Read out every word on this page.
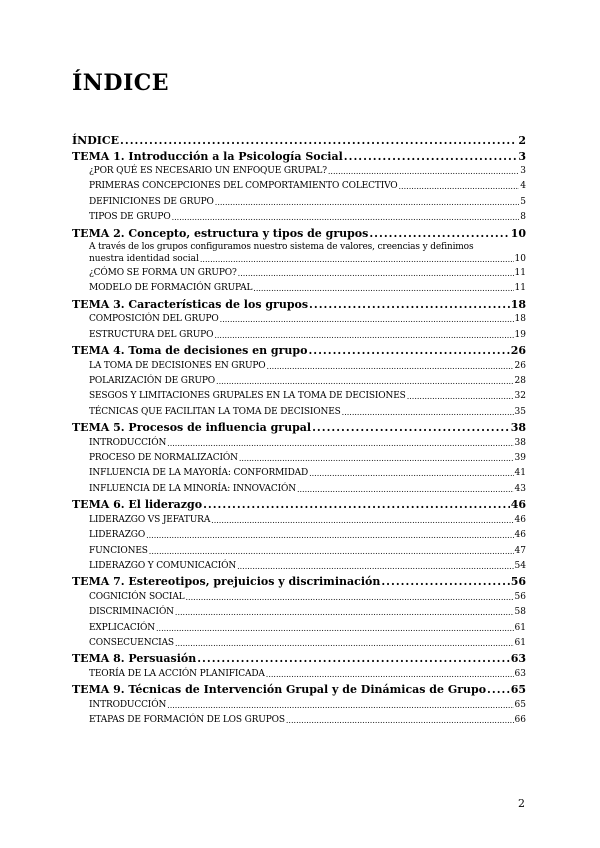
ÍNDICE
ÍNDICE .....	2
TEMA 1. Introducción a la Psicología Social .....	3
¿POR QUÉ ES NECESARIO UN ENFOQUE GRUPAL? .....	3
PRIMERAS CONCEPCIONES DEL COMPORTAMIENTO COLECTIVO .....	4
DEFINICIONES DE GRUPO .....	5
TIPOS DE GRUPO .....	8
TEMA 2. Concepto, estructura y tipos de grupos .....	10
A través de los grupos configuramos nuestro sistema de valores, creencias y definimos
nuestra identidad social .....	10
¿CÓMO SE FORMA UN GRUPO? .....	11
MODELO DE FORMACIÓN GRUPAL .....	11
TEMA 3. Características de los grupos .....	18
COMPOSICIÓN DEL GRUPO .....	18
ESTRUCTURA DEL GRUPO .....	19
TEMA 4. Toma de decisiones en grupo .....	26
LA TOMA DE DECISIONES EN GRUPO .....	26
POLARIZACIÓN DE GRUPO .....	28
SESGOS Y LIMITACIONES GRUPALES EN LA TOMA DE DECISIONES .....	32
TÉCNICAS QUE FACILITAN LA TOMA DE DECISIONES .....	35
TEMA 5. Procesos de influencia grupal .....	38
INTRODUCCIÓN .....	38
PROCESO DE NORMALIZACIÓN .....	39
INFLUENCIA DE LA MAYORÍA: CONFORMIDAD .....	41
INFLUENCIA DE LA MINORÍA: INNOVACIÓN .....	43
TEMA 6. El liderazgo .....	46
LIDERAZGO VS JEFATURA .....	46
LIDERAZGO .....	46
FUNCIONES .....	47
LIDERAZGO Y COMUNICACIÓN .....	54
TEMA 7. Estereotipos, prejuicios y discriminación .....	56
COGNICIÓN SOCIAL .....	56
DISCRIMINACIÓN .....	58
EXPLICACIÓN .....	61
CONSECUENCIAS .....	61
TEMA 8. Persuasión .....	63
TEORÍA DE LA ACCIÓN PLANIFICADA .....	63
TEMA 9. Técnicas de Intervención Grupal y de Dinámicas de Grupo ..... 65
INTRODUCCIÓN .....	65
ETAPAS DE FORMACIÓN DE LOS GRUPOS .....	66
2
